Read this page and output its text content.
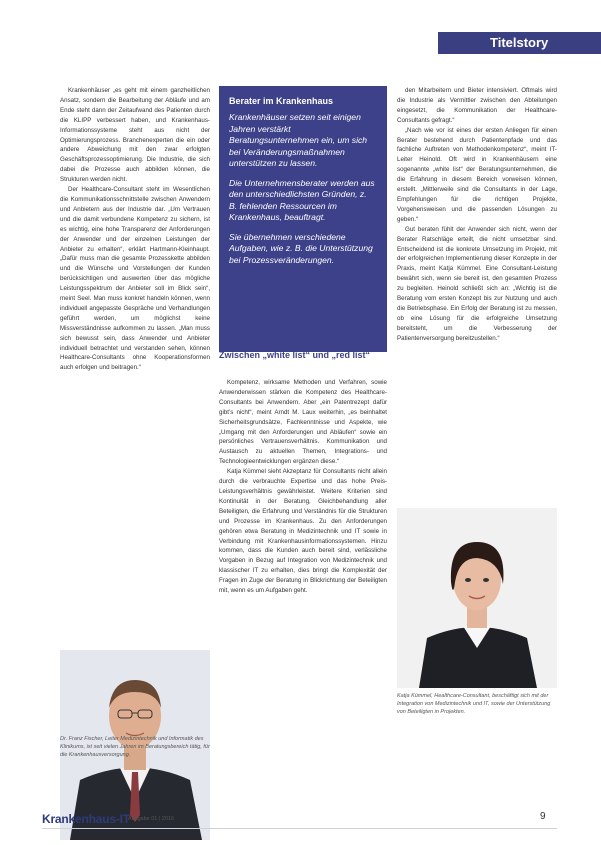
Titelstory

Krankenhäuser „es geht mit einem ganzheitlichen Ansatz, sondern die Bearbeitung der Abläufe und am Ende steht dann der Zeitaufwand des Patienten durch die KLIPP verbessert haben, und Krankenhaus-Informationssysteme steht aus nicht der Optimierungsprozess. Branchenexperten die ein oder andere Abweichung mit den zwar erfolgten Geschäftsprozessoptimierung. Die Industrie, die sich dabei die Prozesse auch abbilden können, die Strukturen werden nicht.

Der Healthcare-Consultant steht im Wesentlichen die Kommunikationsschnittstelle zwischen Anwendern und Anbietern aus der Industrie dar. „Um Vertrauen und die damit verbundene Kompetenz zu sichern, ist es wichtig, eine hohe Transparenz der Anforderungen der Anwender und der einzelnen Leistungen der Anbieter zu erhalten“, erklärt Hartmann-Kleinhaupt. „Dafür muss man die gesamte Prozesskette abbilden und die Wünsche und Vorstellungen der Kunden berücksichtigen und auswerten über das mögliche Leistungsspektrum der Anbieter soll im Blick sein“, meint Seel. Man muss konkret handeln können, wenn individuell angepasste Gespräche und Verhandlungen geführt werden, um möglichst keine Missverständnisse aufkommen zu lassen. „Man muss sich bewusst sein, dass Anwender und Anbieter individuell betrachtet und verstanden sehen, können Healthcare-Consultants ohne Kooperationsformen auch erfolgen und beitragen.“

Berater im Krankenhaus

Krankenhäuser setzen seit einigen Jahren verstärkt Beratungsunternehmen ein, um sich bei Veränderungsmaßnahmen unterstützen zu lassen.

Die Unternehmensberater werden aus den unterschiedlichsten Gründen, z. B. fehlenden Ressourcen im Krankenhaus, beauftragt.

Sie übernehmen verschiedene Aufgaben, wie z. B. die Unterstützung bei Prozessveränderungen.

Zwischen „white list“ und „red list“

Kompetenz, wirksame Methoden und Verfahren, sowie Anwenderwissen stärken die Kompetenz des Healthcare-Consultants bei Anwendern. Aber „ein Patentrezept dafür gibt’s nicht“, meint Arndt M. Laux weiterhin, „es beinhaltet Sicherheitsgrundsätze, Fachkenntnisse und Aspekte, wie „Umgang mit den Anforderungen und Abläufen“ sowie ein persönliches Vertrauensverhältnis. Kommunikation und Austausch zu aktuellen Themen, Integrations- und Technologieentwicklungen ergänzen diese.“

Katja Kümmel sieht Akzeptanz für Consultants nicht allein durch die verbrauchte Expertise und das hohe Preis-Leistungsverhältnis gewährleistet. Weitere Kriterien sind Kontinuität in der Beratung, Gleichbehandlung aller Beteiligten, die Erfahrung und Verständnis für die Strukturen und Prozesse im Krankenhaus. Zu den Anforderungen gehören etwa Beratung in Medizintechnik und IT sowie in Verbindung mit Krankenhausinformationssystemen. Hinzu kommen, dass die Kunden auch bereit sind, verlässliche Vorgaben in Bezug auf Integration von Medizintechnik und klassischer IT zu erhalten, dies bringt die Komplexität der Fragen im Zuge der Beratung in Blickrichtung der Beteiligten mit, wenn es um Aufgaben geht.

den Mitarbeitern und Bieter intensiviert. Oftmals wird die Industrie als Vermittler zwischen den Abteilungen eingesetzt, die Kommunikation der Healthcare-Consultants gefragt.“

„Nach wie vor ist eines der ersten Anliegen für einen Berater bestehend durch Patientenpfade und das fachliche Auftreten von Methodenkompetenz“, meint IT-Leiter Heinold. Oft wird in Krankenhäusern eine sogenannte „white list“ der Beratungsunternehmen, die die Erfahrung in diesem Bereich vorweisen können, erstellt. „Mittlerweile sind die Consultants in der Lage, Empfehlungen für die richtigen Projekte, Vorgehensweisen und die passenden Lösungen zu geben.“

Gut beraten fühlt der Anwender sich nicht, wenn der Berater Ratschläge erteilt, die nicht umsetzbar sind. Entscheidend ist die konkrete Umsetzung im Projekt, mit der erfolgreichen Implementierung dieser Konzepte in der Praxis, meint Katja Kümmel. Eine Consultant-Leistung bewährt sich, wenn sie bereit ist, den gesamten Prozess zu begleiten. Heinold schließt sich an: „Wichtig ist die Beratung vom ersten Konzept bis zur Nutzung und auch die Betriebsphase. Ein Erfolg der Beratung ist zu messen, ob eine Lösung für die erfolgreiche Umsetzung bereitsteht, um die Verbesserung der Patientenversorgung bereitzustellen.“

Dr. Franz Fischer, Leiter Medizintechnik und Informatik des Klinikums, ist seit vielen Jahren im Beratungsbereich tätig, für die Krankenhausversorgung.
Katja Kümmel, Healthcare-Consultant, beschäftigt sich mit der Integration von Medizintechnik und IT, sowie der Unterstützung von Beteiligten in Projekten.
Krankenhaus-IT
Ausgabe 01 | 2016	9
